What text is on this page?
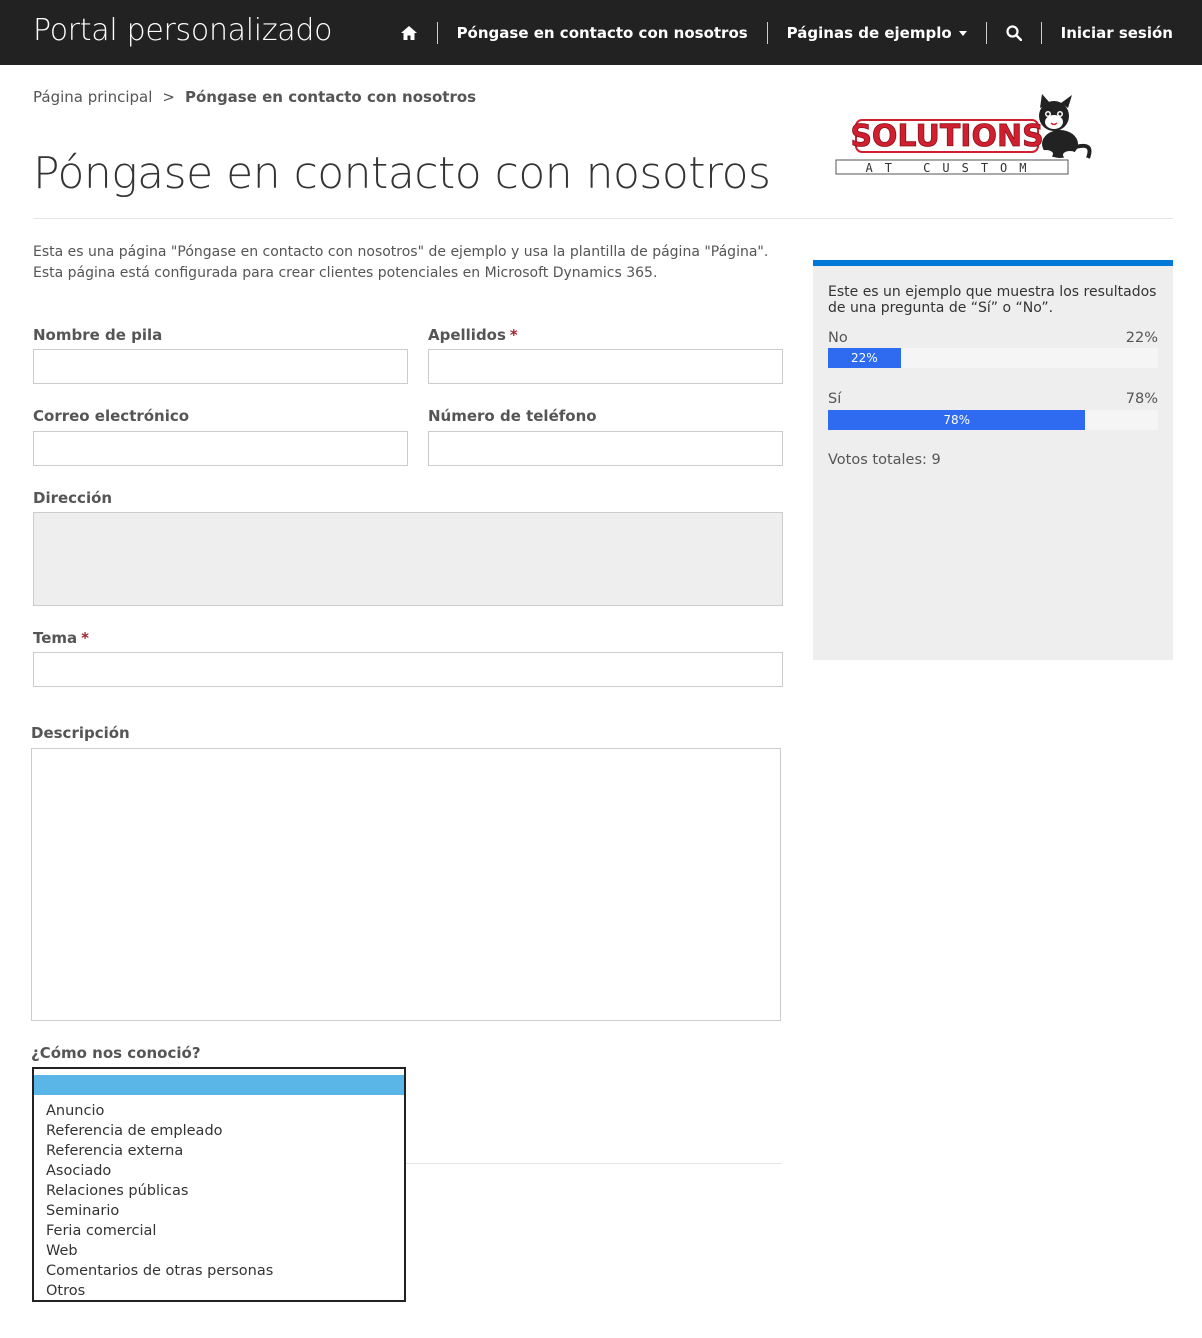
Portal personalizado	Póngase en contacto con nosotros	Páginas de ejemplo	Iniciar sesión
Página principal > Póngase en contacto con nosotros
Póngase en contacto con nosotros
SOLUTIONS
AT CUSTOM

Esta es una página "Póngase en contacto con nosotros" de ejemplo y usa la plantilla de página "Página". Esta página está configurada para crear clientes potenciales en Microsoft Dynamics 365.

Nombre de pila	Apellidos *
Correo electrónico	Número de teléfono
Dirección
Tema *
Descripción
¿Cómo nos conoció?
Anuncio
Referencia de empleado
Referencia externa
Asociado
Relaciones públicas
Seminario
Feria comercial
Web
Comentarios de otras personas
Otros

Este es un ejemplo que muestra los resultados de una pregunta de “Sí” o “No”.

No	22%
22%
Sí	78%
78%
Votos totales: 9
